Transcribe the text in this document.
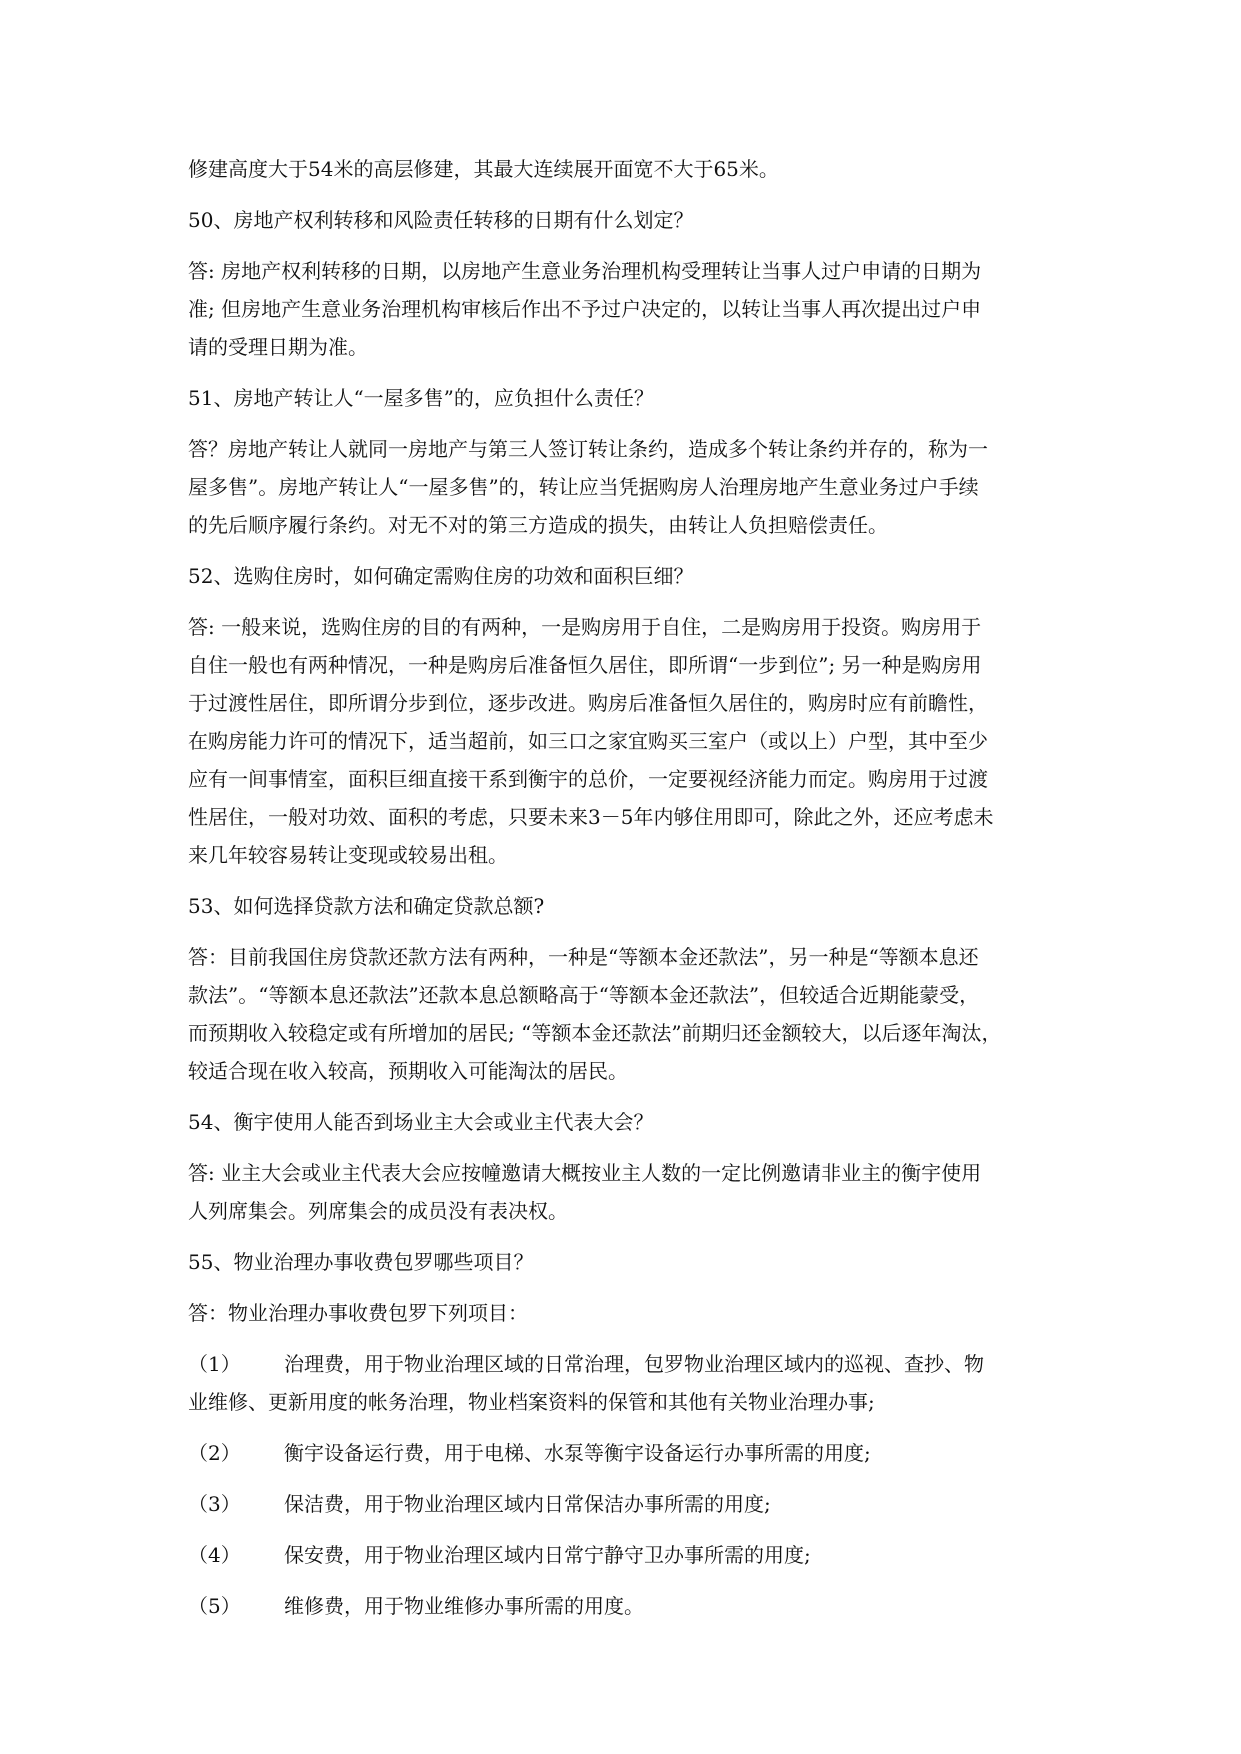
修建高度大于54米的高层修建，其最大连续展开面宽不大于65米。
50、房地产权利转移和风险责任转移的日期有什么划定？
答: 房地产权利转移的日期，以房地产生意业务治理机构受理转让当事人过户申请的日期为
准; 但房地产生意业务治理机构审核后作出不予过户决定的，以转让当事人再次提出过户申
请的受理日期为准。
51、房地产转让人“一屋多售”的，应负担什么责任？
答？房地产转让人就同一房地产与第三人签订转让条约，造成多个转让条约并存的，称为一
屋多售”。房地产转让人“一屋多售”的，转让应当凭据购房人治理房地产生意业务过户手续
的先后顺序履行条约。对无不对的第三方造成的损失，由转让人负担赔偿责任。
52、选购住房时，如何确定需购住房的功效和面积巨细？
答: 一般来说，选购住房的目的有两种，一是购房用于自住，二是购房用于投资。购房用于
自住一般也有两种情况，一种是购房后准备恒久居住，即所谓“一步到位”; 另一种是购房用
于过渡性居住，即所谓分步到位，逐步改进。购房后准备恒久居住的，购房时应有前瞻性，
在购房能力许可的情况下，适当超前，如三口之家宜购买三室户（或以上）户型，其中至少
应有一间事情室，面积巨细直接干系到衡宇的总价，一定要视经济能力而定。购房用于过渡
性居住，一般对功效、面积的考虑，只要未来3－5年内够住用即可，除此之外，还应考虑未
来几年较容易转让变现或较易出租。
53、如何选择贷款方法和确定贷款总额?
答：目前我国住房贷款还款方法有两种，一种是“等额本金还款法”，另一种是“等额本息还
款法”。“等额本息还款法”还款本息总额略高于“等额本金还款法”，但较适合近期能蒙受，
而预期收入较稳定或有所增加的居民; “等额本金还款法”前期归还金额较大，以后逐年淘汰，
较适合现在收入较高，预期收入可能淘汰的居民。
54、衡宇使用人能否到场业主大会或业主代表大会？
答: 业主大会或业主代表大会应按幢邀请大概按业主人数的一定比例邀请非业主的衡宇使用
人列席集会。列席集会的成员没有表决权。
55、物业治理办事收费包罗哪些项目？
答：物业治理办事收费包罗下列项目：
（1） 治理费，用于物业治理区域的日常治理，包罗物业治理区域内的巡视、查抄、物
业维修、更新用度的帐务治理，物业档案资料的保管和其他有关物业治理办事;
（2） 衡宇设备运行费，用于电梯、水泵等衡宇设备运行办事所需的用度;
（3） 保洁费，用于物业治理区域内日常保洁办事所需的用度;
（4） 保安费，用于物业治理区域内日常宁静守卫办事所需的用度;
（5） 维修费，用于物业维修办事所需的用度。
